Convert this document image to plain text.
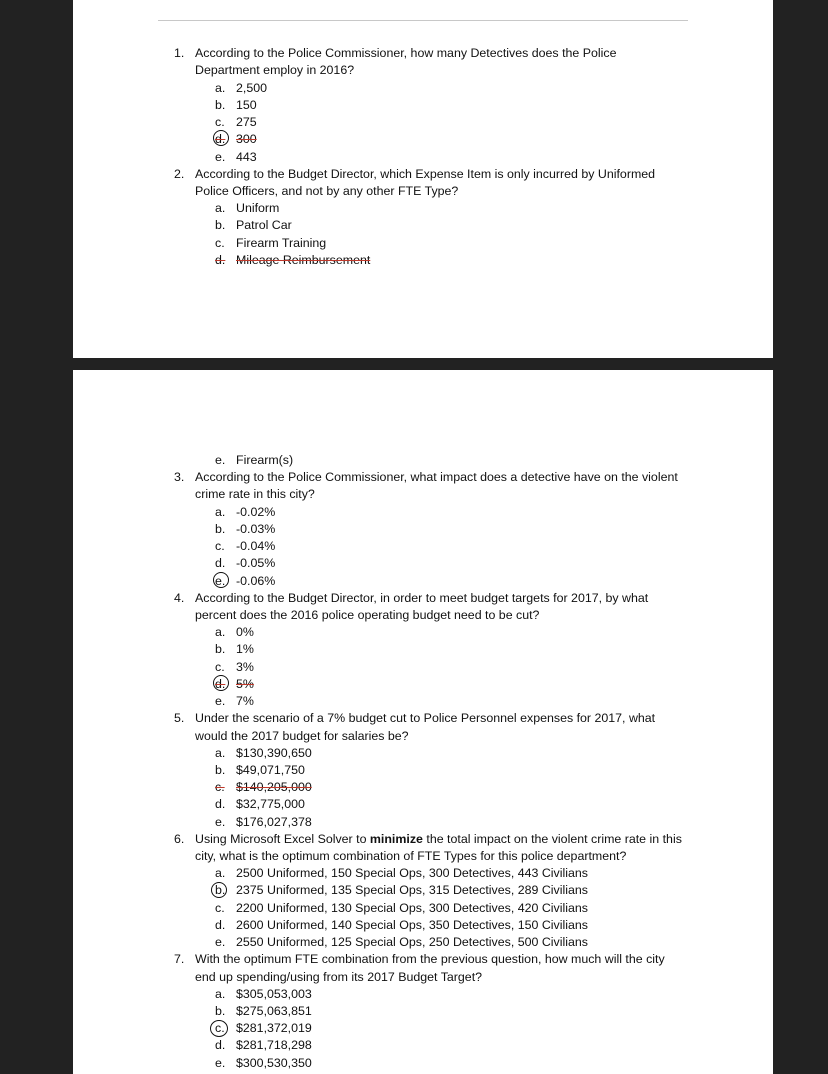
1. According to the Police Commissioner, how many Detectives does the Police
Department employ in 2016?
a. 2,500
b. 150
c. 275
d. 300
e. 443
2. According to the Budget Director, which Expense Item is only incurred by Uniformed
Police Officers, and not by any other FTE Type?
a. Uniform
b. Patrol Car
c. Firearm Training
d. Mileage Reimbursement
e. Firearm(s)
3. According to the Police Commissioner, what impact does a detective have on the violent
crime rate in this city?
a. -0.02%
b. -0.03%
c. -0.04%
d. -0.05%
e. -0.06%
4. According to the Budget Director, in order to meet budget targets for 2017, by what
percent does the 2016 police operating budget need to be cut?
a. 0%
b. 1%
c. 3%
d. 5%
e. 7%
5. Under the scenario of a 7% budget cut to Police Personnel expenses for 2017, what
would the 2017 budget for salaries be?
a. $130,390,650
b. $49,071,750
c. $140,205,000
d. $32,775,000
e. $176,027,378
6. Using Microsoft Excel Solver to minimize the total impact on the violent crime rate in this
city, what is the optimum combination of FTE Types for this police department?
a. 2500 Uniformed, 150 Special Ops, 300 Detectives, 443 Civilians
b. 2375 Uniformed, 135 Special Ops, 315 Detectives, 289 Civilians
c. 2200 Uniformed, 130 Special Ops, 300 Detectives, 420 Civilians
d. 2600 Uniformed, 140 Special Ops, 350 Detectives, 150 Civilians
e. 2550 Uniformed, 125 Special Ops, 250 Detectives, 500 Civilians
7. With the optimum FTE combination from the previous question, how much will the city
end up spending/using from its 2017 Budget Target?
a. $305,053,003
b. $275,063,851
c. $281,372,019
d. $281,718,298
e. $300,530,350
